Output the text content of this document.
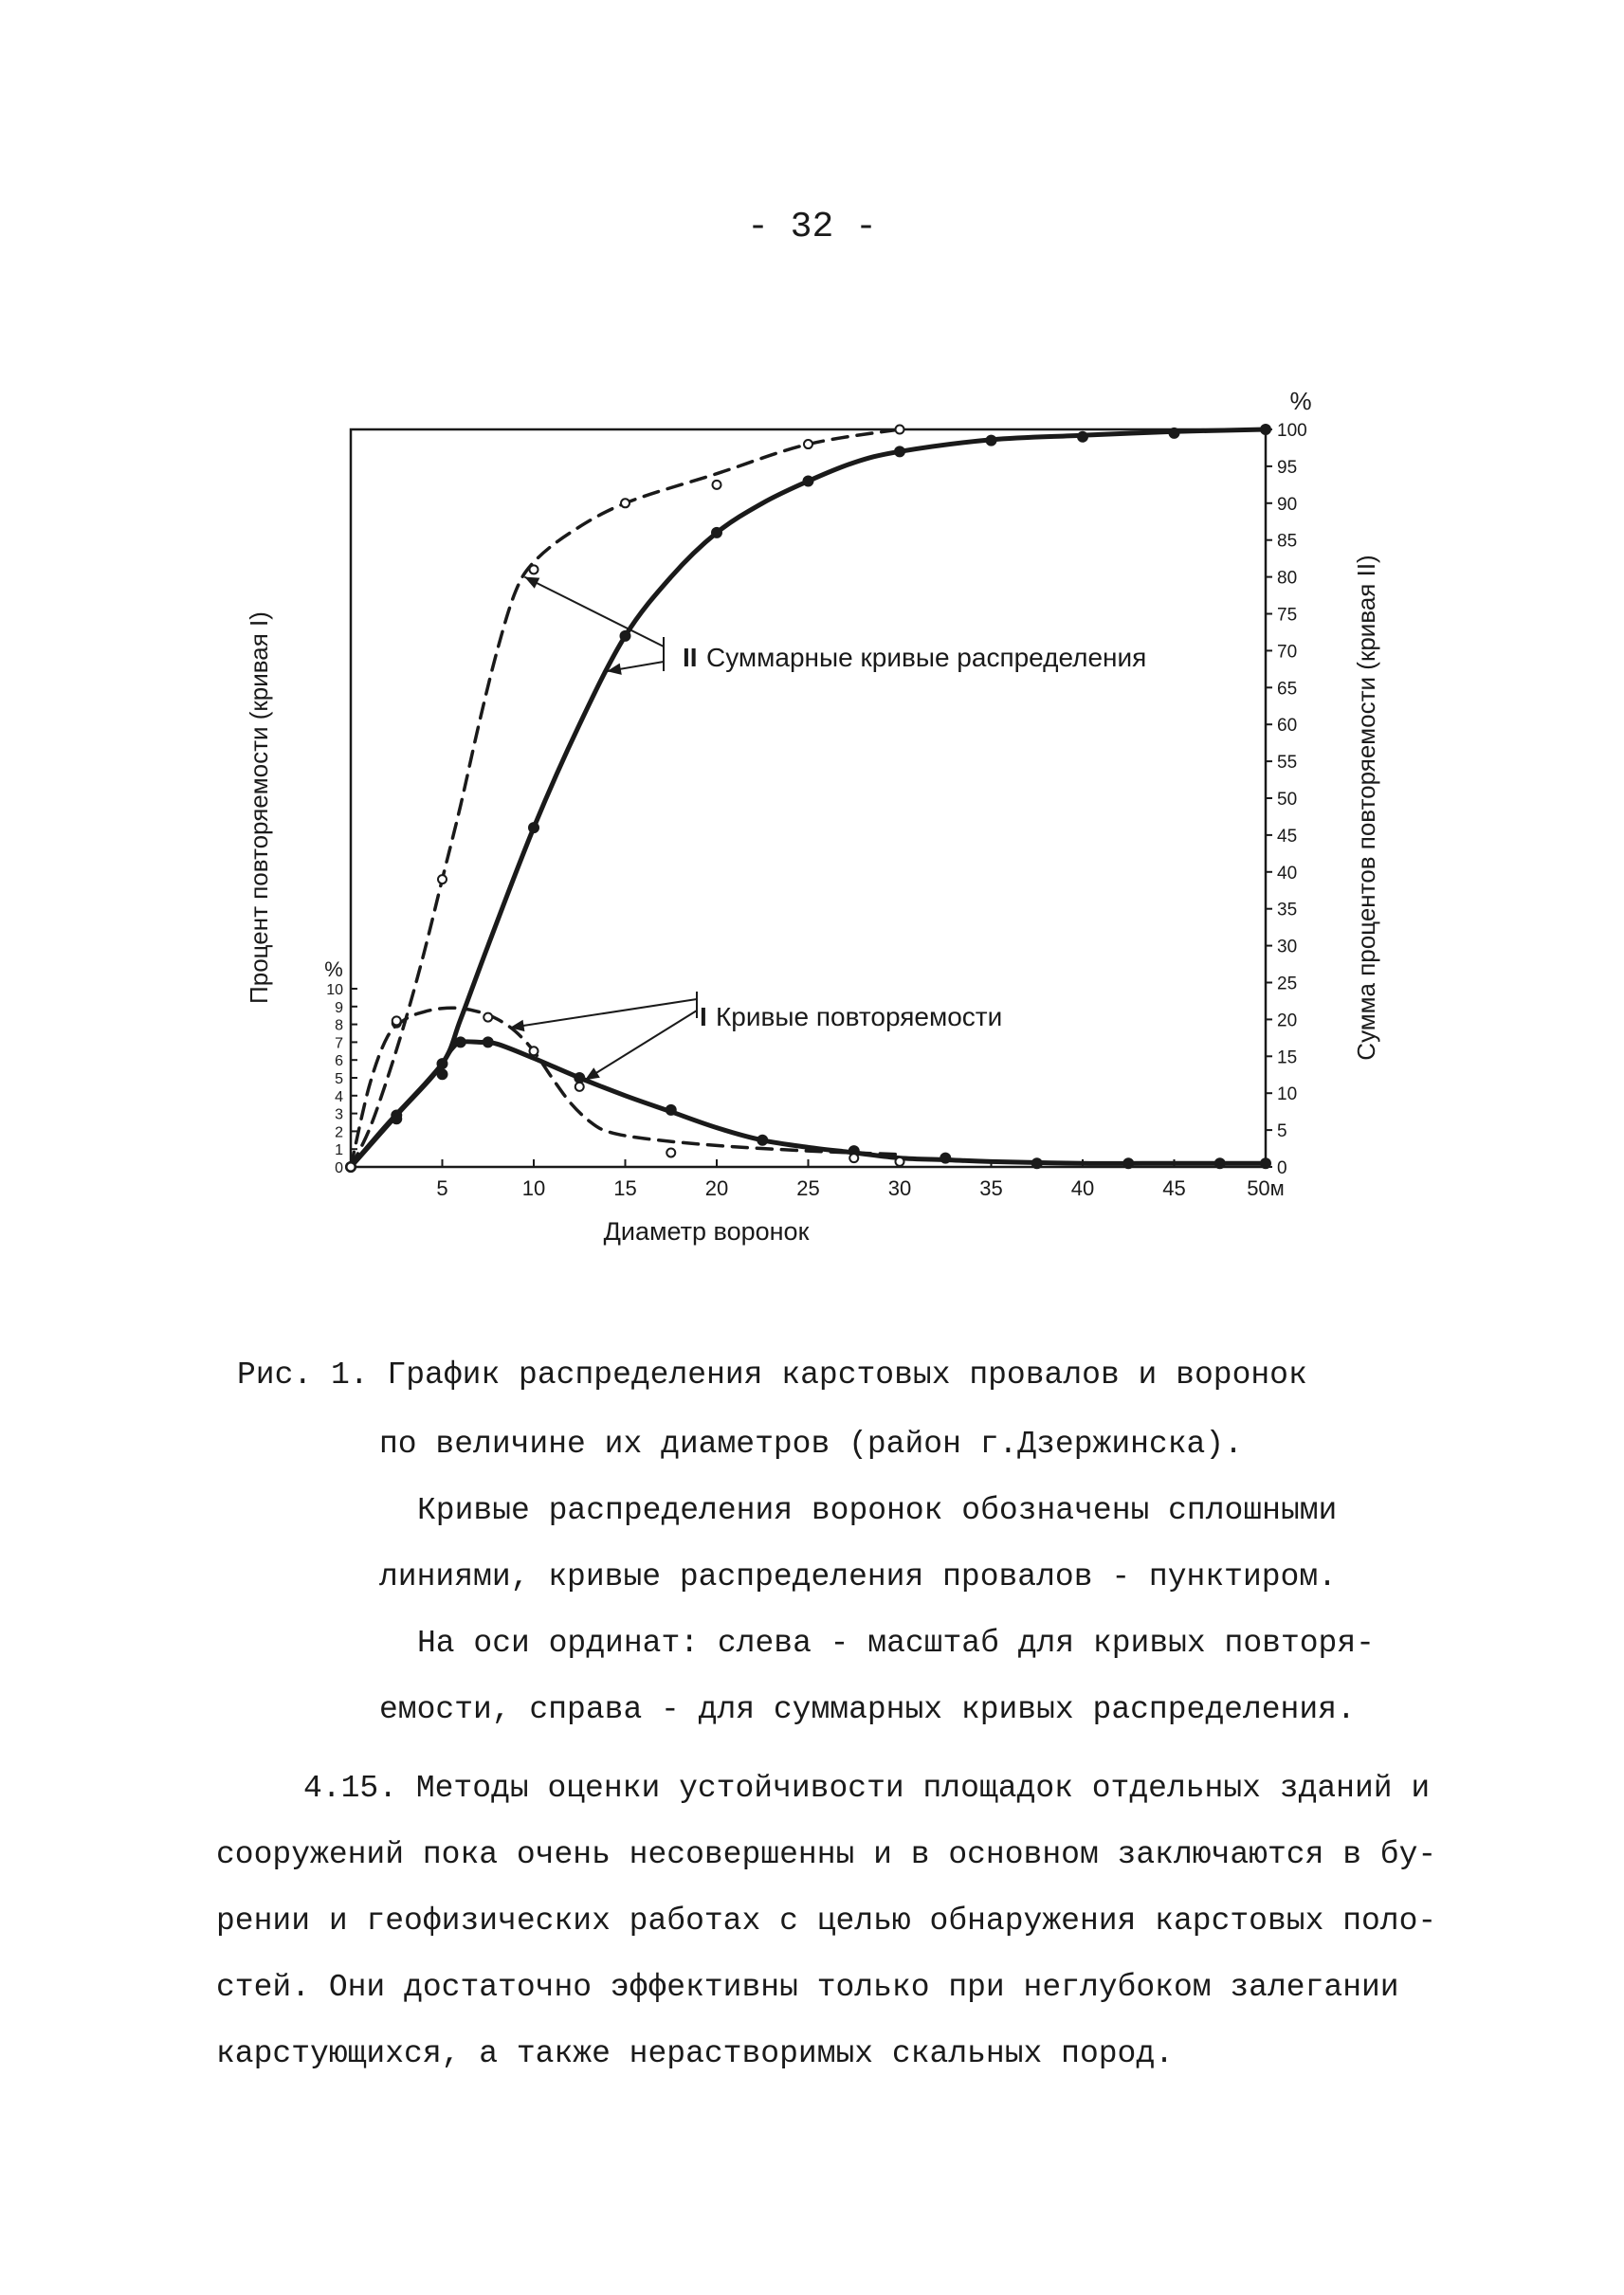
- 32 -
5	10	15	20	25	30	35	40	45	50м
0
1
2
3
4
5
6
7
8
9
10
0
5
10
15
20
25
30
35
40
45
50
55
60
65
70
75
80
85
90
95
100
%
%
Процент повторяемости (кривая I)	Сумма процентов повторяемости (кривая II)
Диаметр воронок
II Суммарные кривые распределения
I Кривые повторяемости

Рис. 1. График распределения карстовых провалов и воронок

по величине их диаметров (район г.Дзержинска).

Кривые распределения воронок обозначены сплошными

линиями, кривые распределения провалов - пунктиром.

На оси ординат: слева - масштаб для кривых повторя-

емости, справа - для суммарных кривых распределения.

4.15. Методы оценки устойчивости площадок отдельных зданий и

сооружений пока очень несовершенны и в основном заключаются в бу-

рении и геофизических работах с целью обнаружения карстовых поло-

стей. Они достаточно эффективны только при неглубоком залегании

карстующихся, а также нерастворимых скальных пород.
